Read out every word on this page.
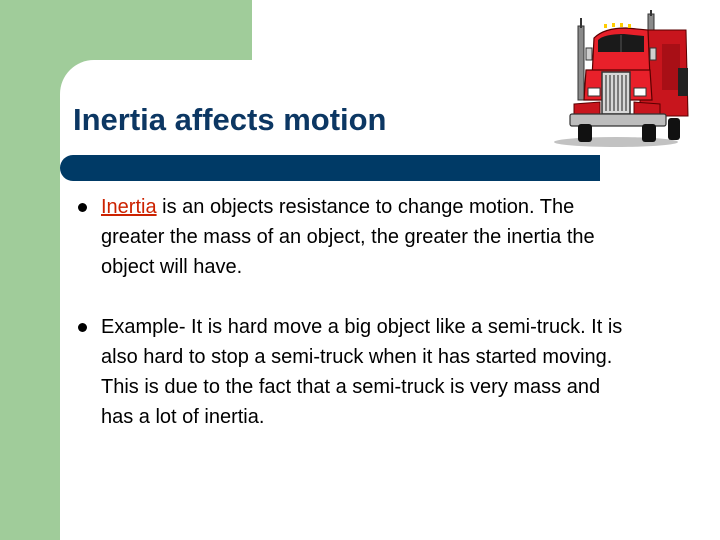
Inertia affects motion
Inertia is an objects resistance to change motion. The
greater the mass of an object, the greater the inertia the
object will have.
Example- It is hard move a big object like a semi-truck. It is
also hard to stop a semi-truck when it has started moving.
This is due to the fact that a semi-truck is very mass and
has a lot of inertia.
